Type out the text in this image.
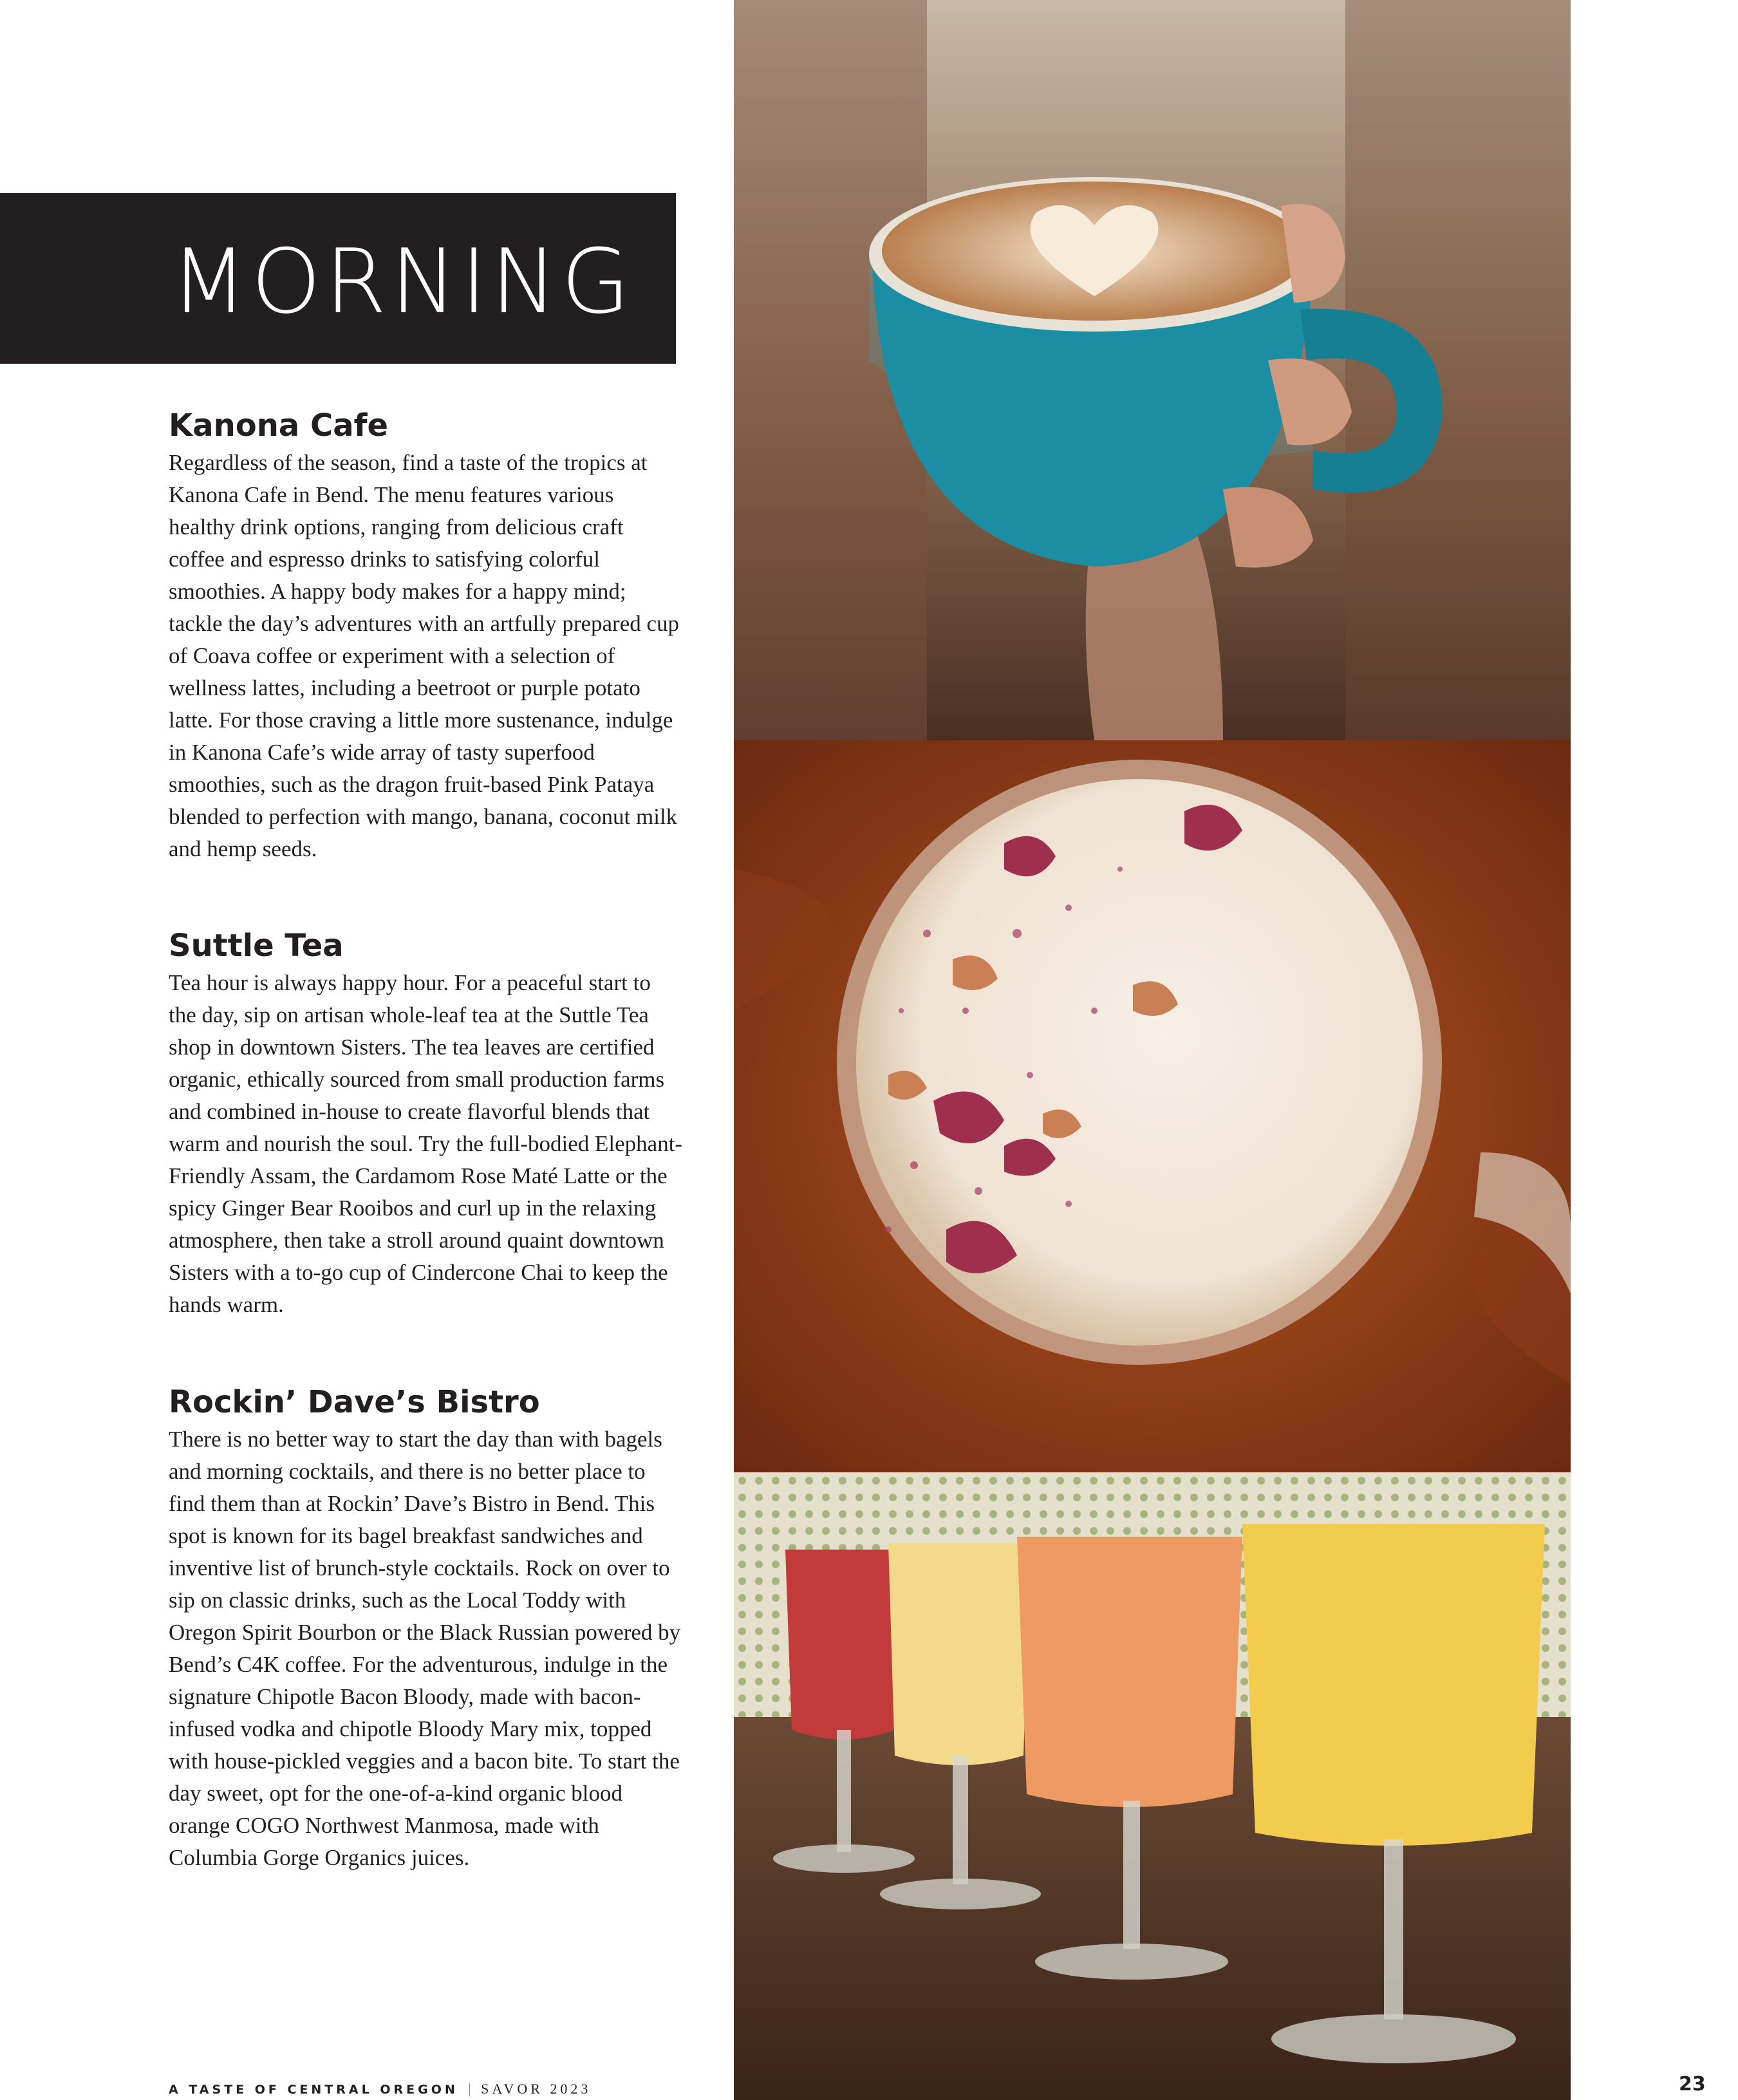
MORNING
Kanona Cafe

Regardless of the season, find a taste of the tropics at Kanona Cafe in Bend. The menu features various healthy drink options, ranging from delicious craft coffee and espresso drinks to satisfying colorful smoothies. A happy body makes for a happy mind; tackle the day’s adventures with an artfully prepared cup of Coava coffee or experiment with a selection of wellness lattes, including a beetroot or purple potato latte. For those craving a little more sustenance, indulge in Kanona Cafe’s wide array of tasty superfood smoothies, such as the dragon fruit-based Pink Pataya blended to perfection with mango, banana, coconut milk and hemp seeds.

Suttle Tea

Tea hour is always happy hour. For a peaceful start to the day, sip on artisan whole-leaf tea at the Suttle Tea shop in downtown Sisters. The tea leaves are certified organic, ethically sourced from small production farms and combined in-house to create flavorful blends that warm and nourish the soul. Try the full-bodied Elephant-Friendly Assam, the Cardamom Rose Maté Latte or the spicy Ginger Bear Rooibos and curl up in the relaxing atmosphere, then take a stroll around quaint downtown Sisters with a to-go cup of Cindercone Chai to keep the hands warm.

Rockin’ Dave’s Bistro

There is no better way to start the day than with bagels and morning cocktails, and there is no better place to find them than at Rockin’ Dave’s Bistro in Bend. This spot is known for its bagel breakfast sandwiches and inventive list of brunch-style cocktails. Rock on over to sip on classic drinks, such as the Local Toddy with Oregon Spirit Bourbon or the Black Russian powered by Bend’s C4K coffee. For the adventurous, indulge in the signature Chipotle Bacon Bloody, made with bacon-infused vodka and chipotle Bloody Mary mix, topped with house-pickled veggies and a bacon bite. To start the day sweet, opt for the one-of-a-kind organic blood orange COGO Northwest Manmosa, made with Columbia Gorge Organics juices.

A TASTE OF CENTRAL OREGON | SAVOR 2023	23
